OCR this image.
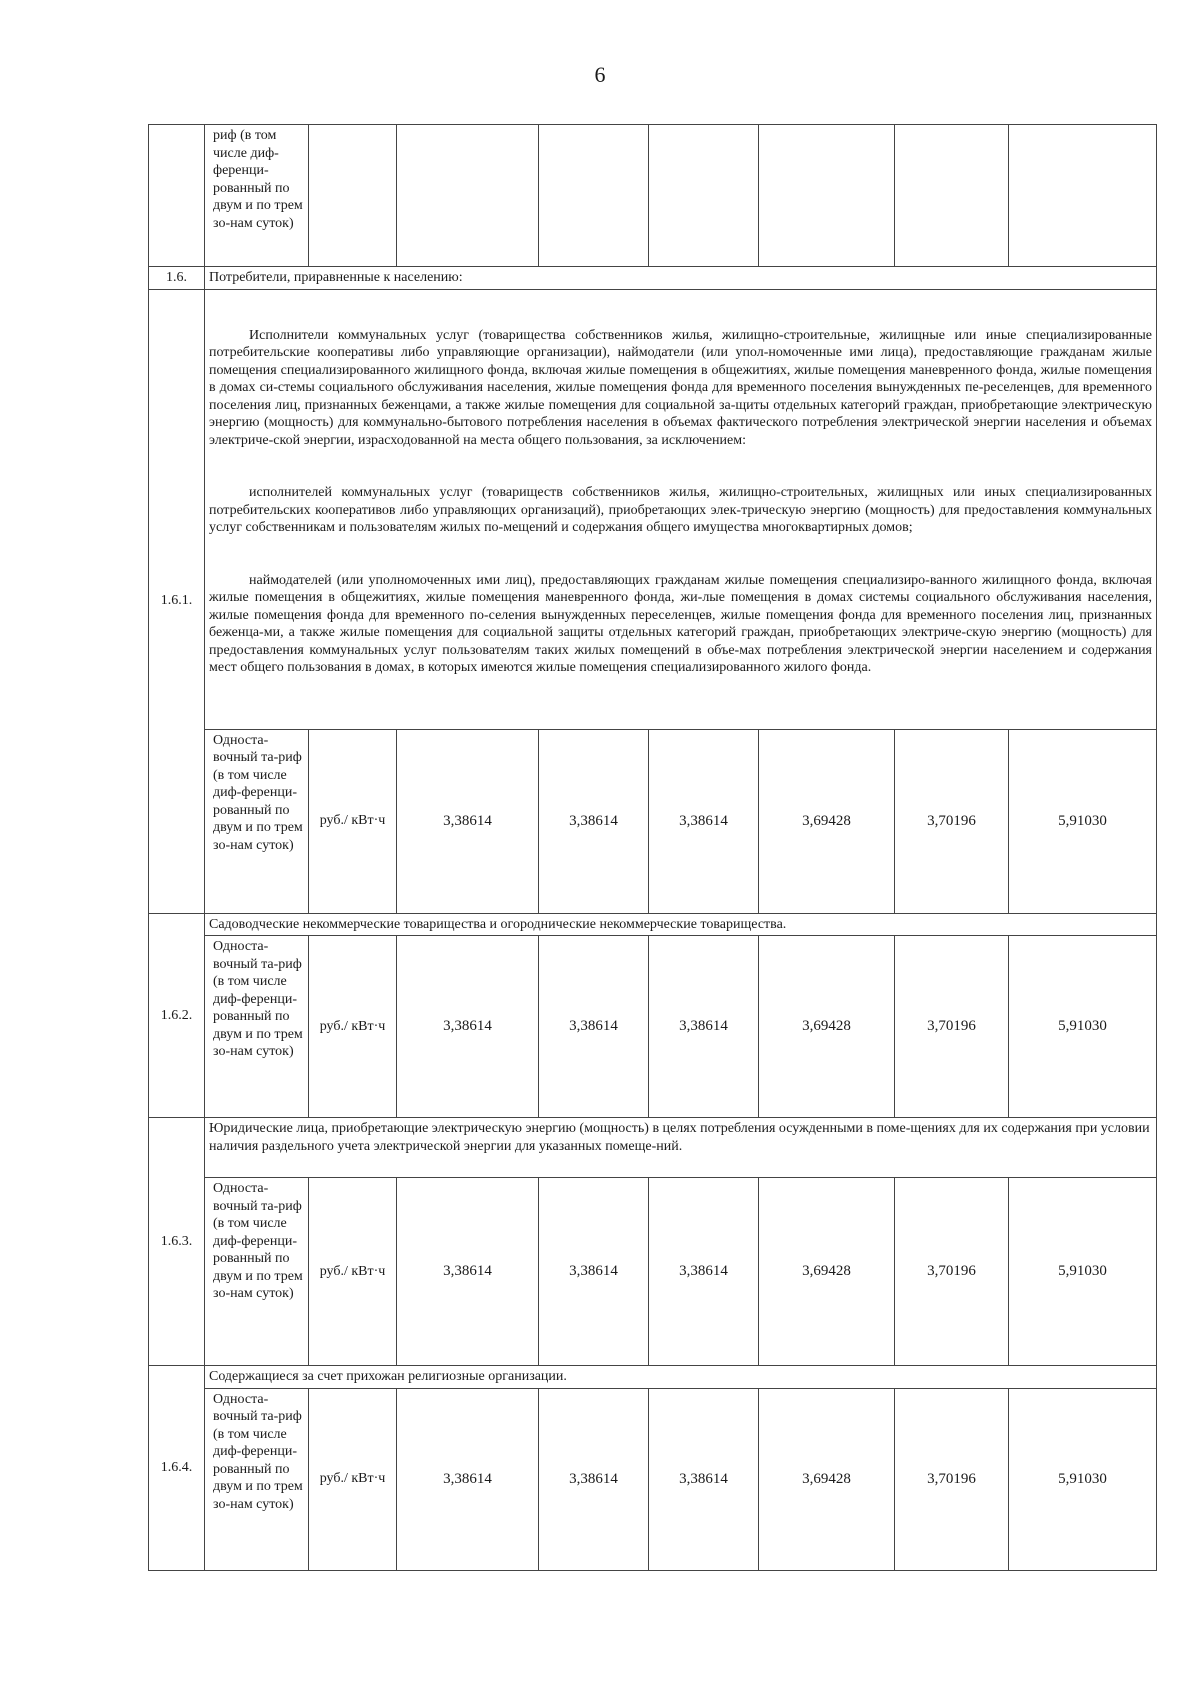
6
	риф (в том числе диф-ференци-рованный по двум и по трем зо-нам суток)							
1.6.	Потребители, приравненные к населению:							
1.6.1.	Исполнители коммунальных услуг (товарищества собственников жилья, жилищно-строительные, жилищные или иные специализированные потребительские кооперативы либо управляющие организации), наймодатели (или упол-номоченные ими лица), предоставляющие гражданам жилые помещения специализированного жилищного фонда, включая жилые помещения в общежитиях, жилые помещения маневренного фонда, жилые помещения в домах си-стемы социального обслуживания населения, жилые помещения фонда для временного поселения вынужденных пе-реселенцев, для временного поселения лиц, признанных беженцами, а также жилые помещения для социальной за-щиты отдельных категорий граждан, приобретающие электрическую энергию (мощность) для коммунально-бытового потребления населения в объемах фактического потребления электрической энергии населения и объемах электриче-ской энергии, израсходованной на места общего пользования, за исключением:

исполнителей коммунальных услуг (товариществ собственников жилья, жилищно-строительных, жилищных или иных специализированных потребительских кооперативов либо управляющих организаций), приобретающих элек-трическую энергию (мощность) для предоставления коммунальных услуг собственникам и пользователям жилых по-мещений и содержания общего имущества многоквартирных домов;

наймодателей (или уполномоченных ими лиц), предоставляющих гражданам жилые помещения специализиро-ванного жилищного фонда, включая жилые помещения в общежитиях, жилые помещения маневренного фонда, жи-лые помещения в домах системы социального обслуживания населения, жилые помещения фонда для временного по-селения вынужденных переселенцев, жилые помещения фонда для временного поселения лиц, признанных беженца-ми, а также жилые помещения для социальной защиты отдельных категорий граждан, приобретающих электриче-скую энергию (мощность) для предоставления коммунальных услуг пользователям таких жилых помещений в объе-мах потребления электрической энергии населением и содержания мест общего пользования в домах, в которых имеются жилые помещения специализированного жилого фонда.							

	Односта-вочный та-риф (в том числе диф-ференци-рованный по двум и по трем зо-нам суток)	руб./ кВт·ч	3,38614	3,38614	3,38614	3,69428	3,70196	5,91030
1.6.2.	Садоводческие некоммерческие товарищества и огороднические некоммерческие товарищества.							
	Односта-вочный та-риф (в том числе диф-ференци-рованный по двум и по трем зо-нам суток)	руб./ кВт·ч	3,38614	3,38614	3,38614	3,69428	3,70196	5,91030
1.6.3.	Юридические лица, приобретающие электрическую энергию (мощность) в целях потребления осужденными в поме-щениях для их содержания при условии наличия раздельного учета электрической энергии для указанных помеще-ний.							
	Односта-вочный та-риф (в том числе диф-ференци-рованный по двум и по трем зо-нам суток)	руб./ кВт·ч	3,38614	3,38614	3,38614	3,69428	3,70196	5,91030
1.6.4.	Содержащиеся за счет прихожан религиозные организации.							
	Односта-вочный та-риф (в том числе диф-ференци-рованный по двум и по трем зо-нам суток)	руб./ кВт·ч	3,38614	3,38614	3,38614	3,69428	3,70196	5,91030
